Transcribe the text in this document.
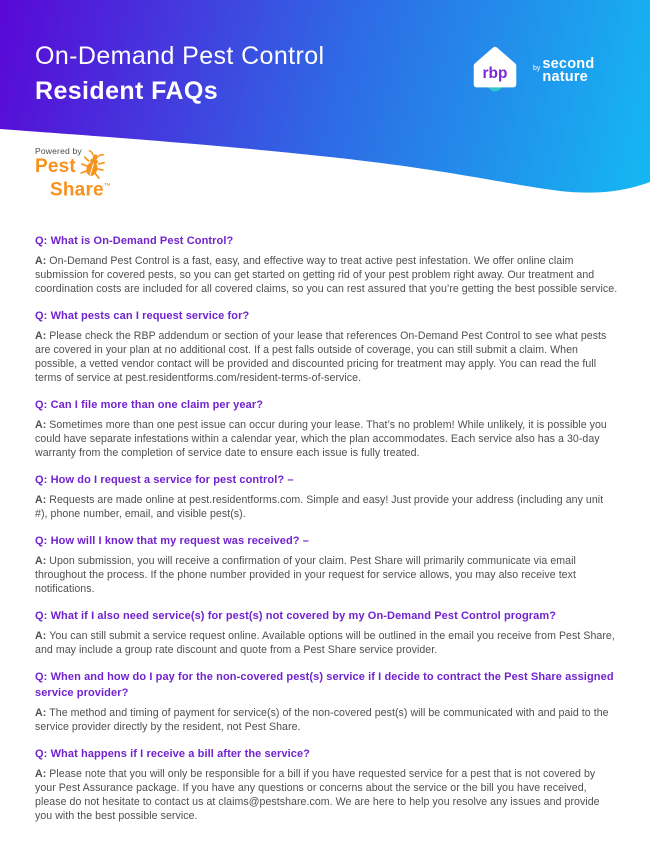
On-Demand Pest Control
Resident FAQs
rbp	by second
nature
Powered by
Pest
Share™
Q: What is On-Demand Pest Control?

A: On-Demand Pest Control is a fast, easy, and effective way to treat active pest infestation. We offer online claim submission for covered pests, so you can get started on getting rid of your pest problem right away. Our treatment and coordination costs are included for all covered claims, so you can rest assured that you’re getting the best possible service.

Q: What pests can I request service for?

A: Please check the RBP addendum or section of your lease that references On-Demand Pest Control to see what pests are covered in your plan at no additional cost. If a pest falls outside of coverage, you can still submit a claim. When possible, a vetted vendor contact will be provided and discounted pricing for treatment may apply. You can read the full terms of service at pest.residentforms.com/resident-terms-of-service.

Q: Can I file more than one claim per year?

A: Sometimes more than one pest issue can occur during your lease. That’s no problem! While unlikely, it is possible you could have separate infestations within a calendar year, which the plan accommodates. Each service also has a 30-day warranty from the completion of service date to ensure each issue is fully treated.

Q: How do I request a service for pest control? –

A: Requests are made online at pest.residentforms.com. Simple and easy! Just provide your address (including any unit #), phone number, email, and visible pest(s).

Q: How will I know that my request was received? –

A: Upon submission, you will receive a confirmation of your claim. Pest Share will primarily communicate via email throughout the process. If the phone number provided in your request for service allows, you may also receive text notifications.

Q: What if I also need service(s) for pest(s) not covered by my On-Demand Pest Control program?

A: You can still submit a service request online. Available options will be outlined in the email you receive from Pest Share, and may include a group rate discount and quote from a Pest Share service provider.

Q: When and how do I pay for the non-covered pest(s) service if I decide to contract the Pest Share assigned service provider?

A: The method and timing of payment for service(s) of the non-covered pest(s) will be communicated with and paid to the service provider directly by the resident, not Pest Share.

Q: What happens if I receive a bill after the service?

A: Please note that you will only be responsible for a bill if you have requested service for a pest that is not covered by your Pest Assurance package. If you have any questions or concerns about the service or the bill you have received, please do not hesitate to contact us at claims@pestshare.com. We are here to help you resolve any issues and provide you with the best possible service.
